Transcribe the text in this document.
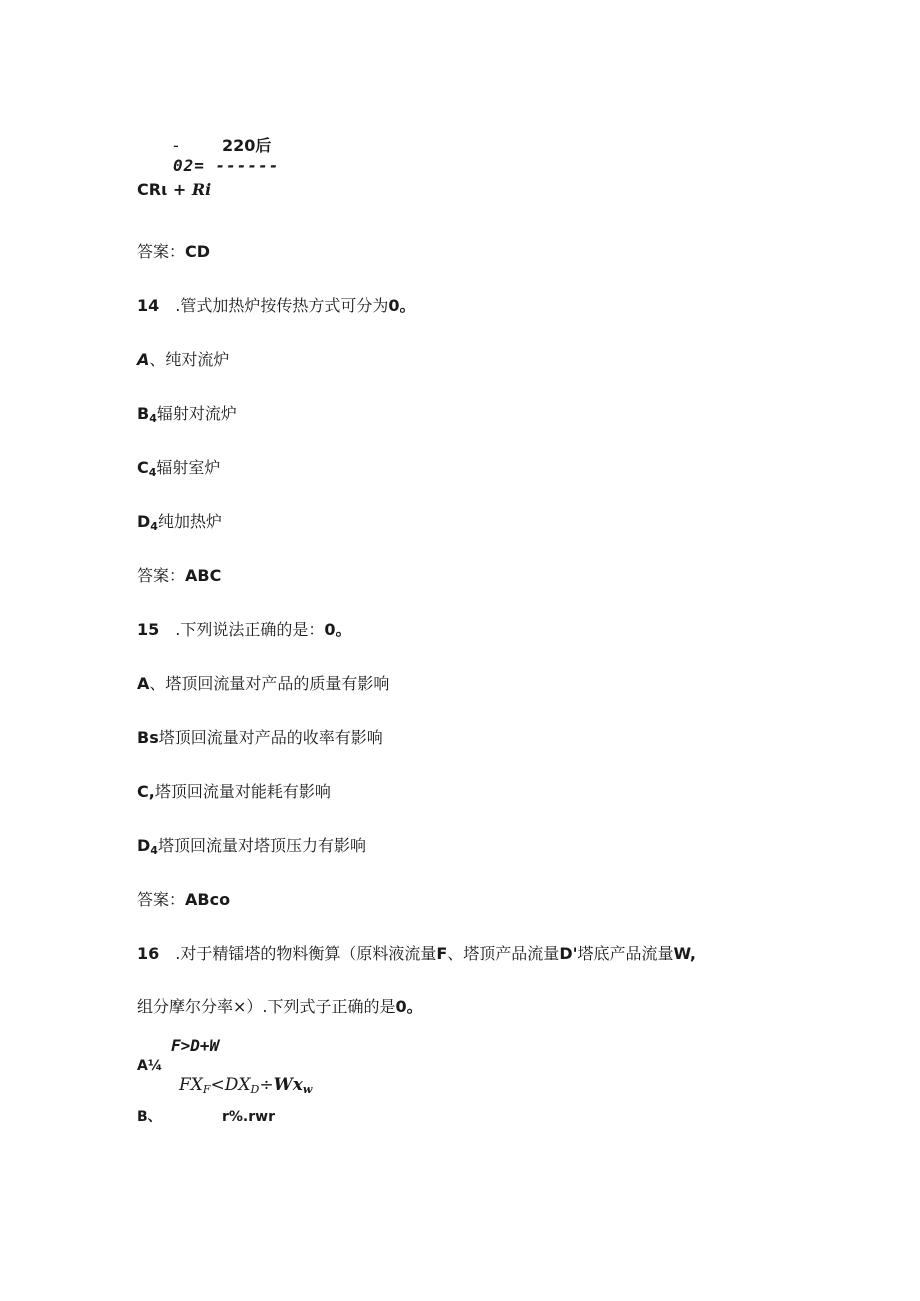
-	220后
02= ------
CRι + Ri
答案：CD
14 .管式加热炉按传热方式可分为0。
A、纯对流炉
$B_4$辐射对流炉
$C_4$辐射室炉
$D_4$纯加热炉
答案：ABC
15 .下列说法正确的是：0。
A、塔顶回流量对产品的质量有影响
Bs塔顶回流量对产品的收率有影响
C,塔顶回流量对能耗有影响
$D_4$塔顶回流量对塔顶压力有影响
答案：ABco
16 .对于精镭塔的物料衡算（原料液流量F、塔顶产品流量D'塔底产品流量W,
组分摩尔分率×）.下列式子正确的是0。
F>D+W
A¼
$FX_F<DX_D\div Wx_w$
B、	r%.rwr
